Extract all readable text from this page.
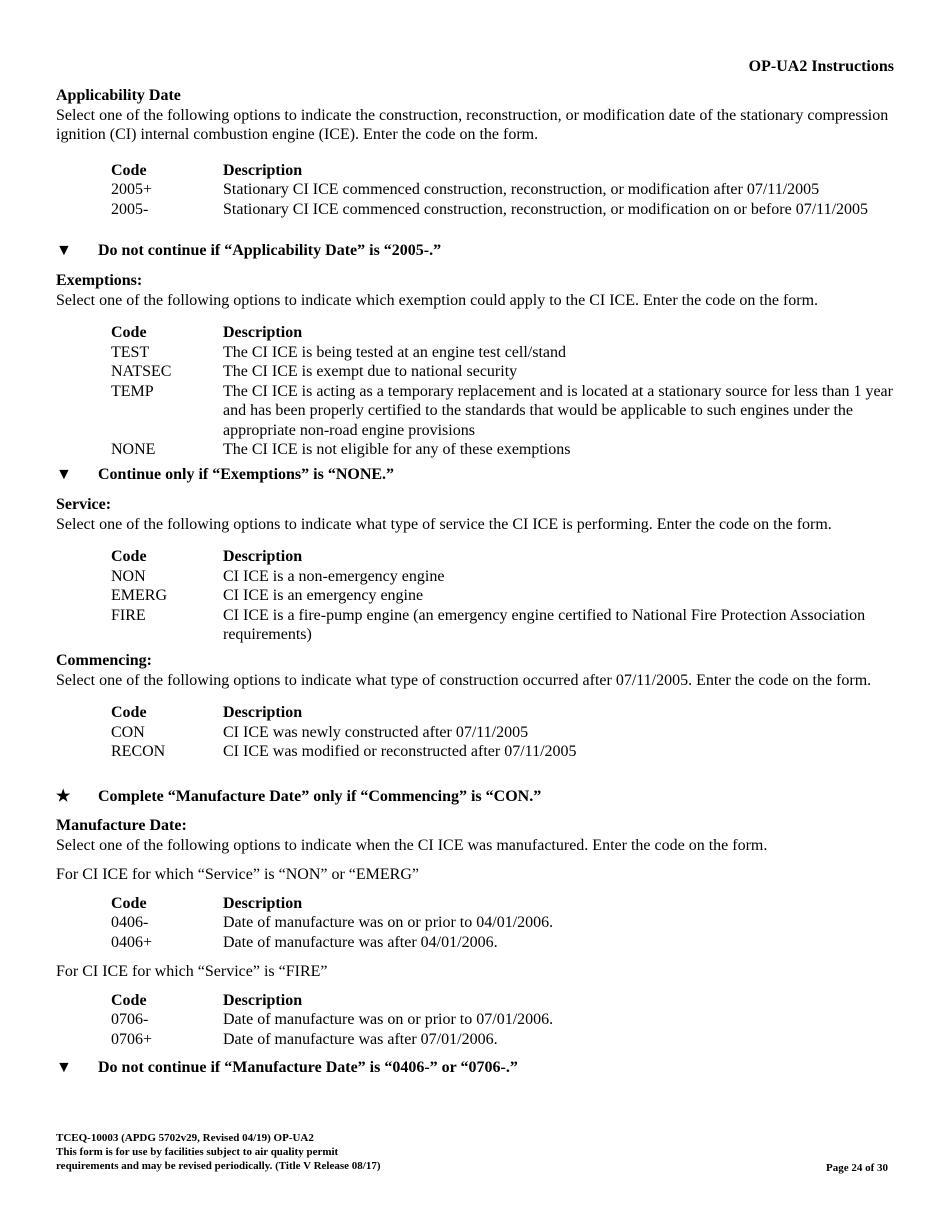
OP-UA2 Instructions
Applicability Date
Select one of the following options to indicate the construction, reconstruction, or modification date of the stationary compression ignition (CI) internal combustion engine (ICE). Enter the code on the form.
Code	Description
2005+	Stationary CI ICE commenced construction, reconstruction, or modification after 07/11/2005
2005-	Stationary CI ICE commenced construction, reconstruction, or modification on or before 07/11/2005
▼ Do not continue if “Applicability Date” is “2005-.”
Exemptions:
Select one of the following options to indicate which exemption could apply to the CI ICE. Enter the code on the form.
Code	Description
TEST	The CI ICE is being tested at an engine test cell/stand
NATSEC	The CI ICE is exempt due to national security
TEMP	The CI ICE is acting as a temporary replacement and is located at a stationary source for less than 1 year and has been properly certified to the standards that would be applicable to such engines under the appropriate non-road engine provisions
NONE	The CI ICE is not eligible for any of these exemptions
▼ Continue only if “Exemptions” is “NONE.”
Service:
Select one of the following options to indicate what type of service the CI ICE is performing. Enter the code on the form.
Code	Description
NON	CI ICE is a non-emergency engine
EMERG	CI ICE is an emergency engine
FIRE	CI ICE is a fire-pump engine (an emergency engine certified to National Fire Protection Association requirements)
Commencing:
Select one of the following options to indicate what type of construction occurred after 07/11/2005. Enter the code on the form.
Code	Description
CON	CI ICE was newly constructed after 07/11/2005
RECON	CI ICE was modified or reconstructed after 07/11/2005
★ Complete “Manufacture Date” only if “Commencing” is “CON.”
Manufacture Date:
Select one of the following options to indicate when the CI ICE was manufactured. Enter the code on the form.
For CI ICE for which “Service” is “NON” or “EMERG”
Code	Description
0406-	Date of manufacture was on or prior to 04/01/2006.
0406+	Date of manufacture was after 04/01/2006.
For CI ICE for which “Service” is “FIRE”
Code	Description
0706-	Date of manufacture was on or prior to 07/01/2006.
0706+	Date of manufacture was after 07/01/2006.
▼ Do not continue if “Manufacture Date” is “0406-” or “0706-.”
TCEQ-10003 (APDG 5702v29, Revised 04/19) OP-UA2
This form is for use by facilities subject to air quality permit
requirements and may be revised periodically. (Title V Release 08/17)	Page 24 of 30
